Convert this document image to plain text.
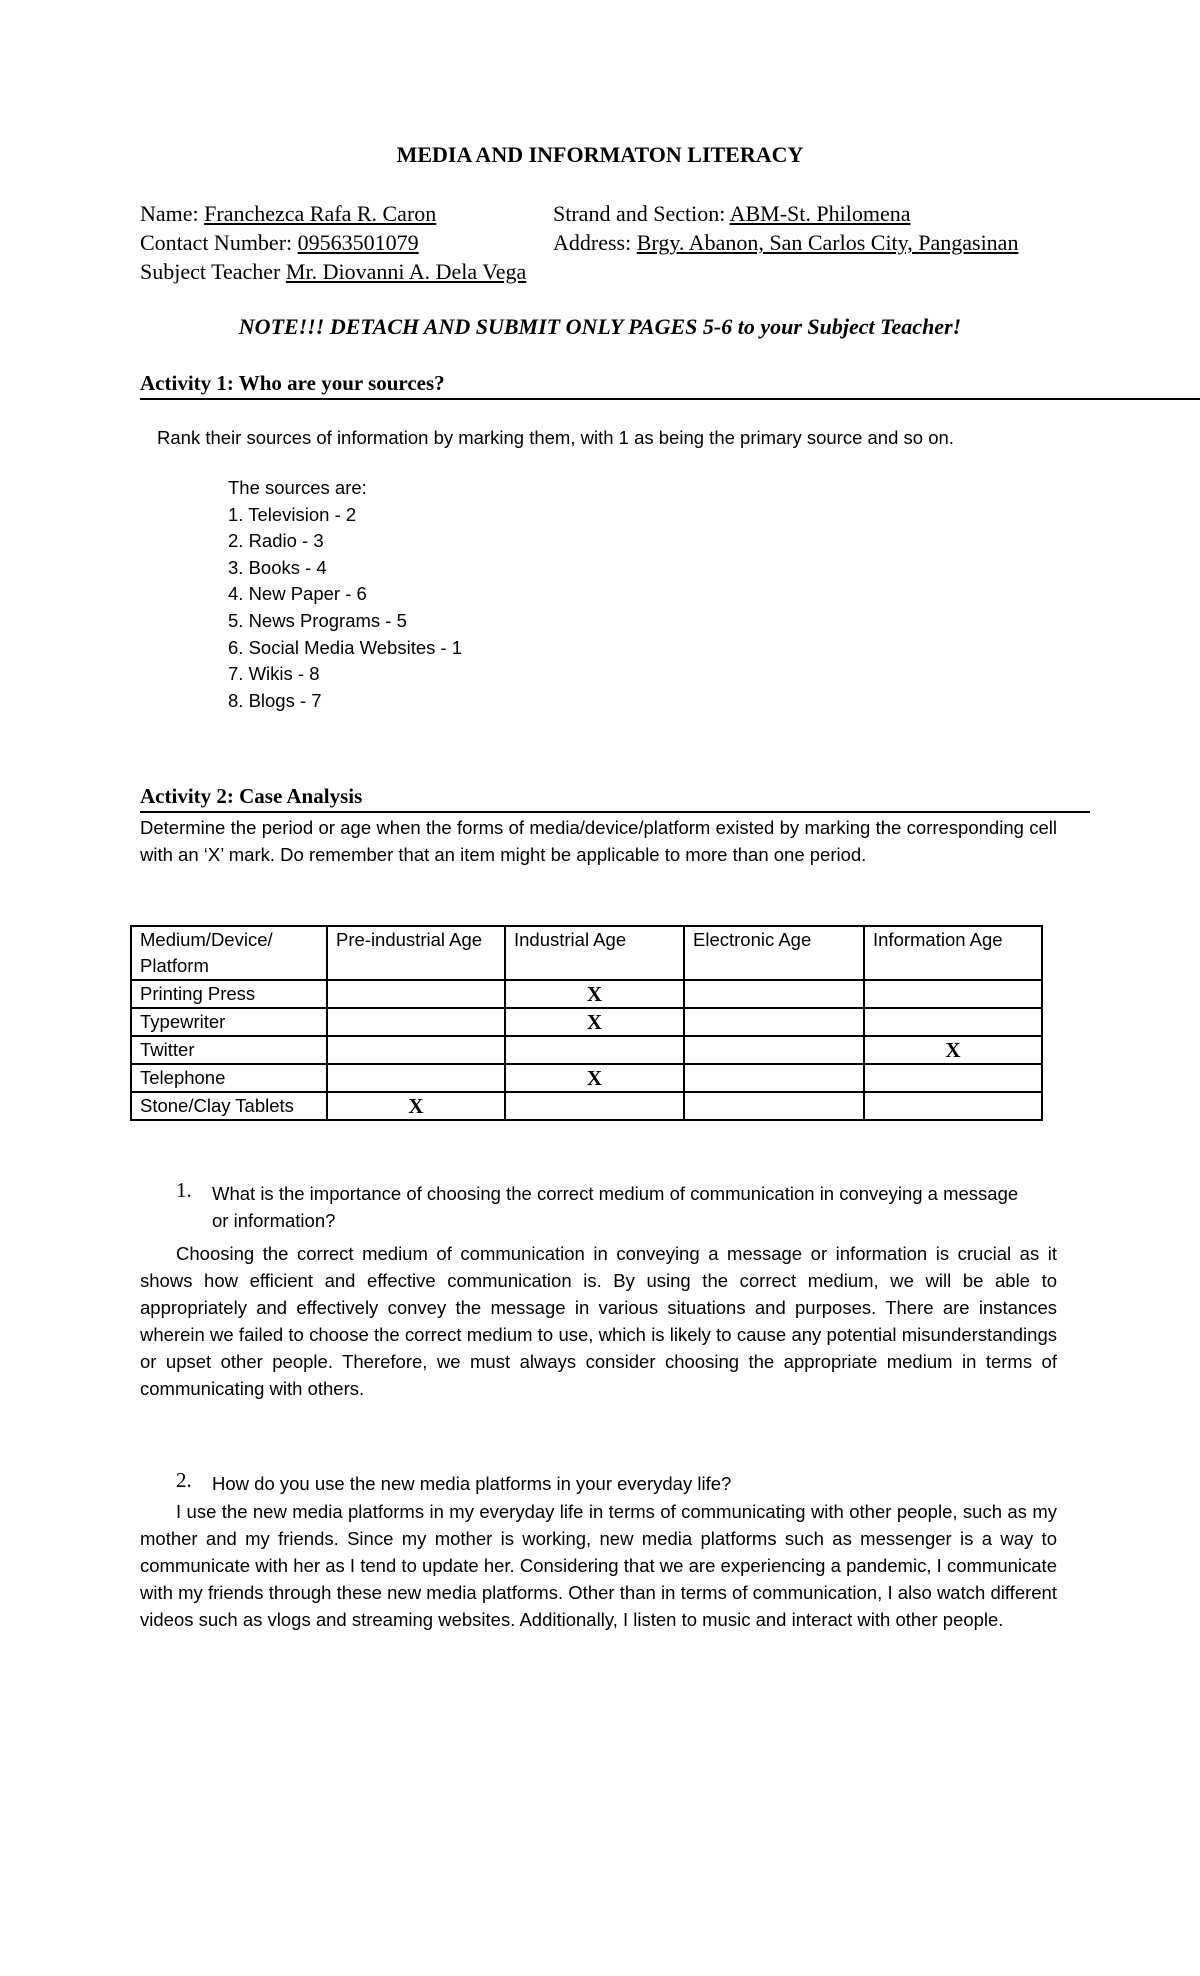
MEDIA AND INFORMATON LITERACY
Name: Franchezca Rafa R. Caron	Strand and Section: ABM-St. Philomena
Contact Number: 09563501079	Address: Brgy. Abanon, San Carlos City, Pangasinan
Subject Teacher Mr. Diovanni A. Dela Vega
NOTE!!! DETACH AND SUBMIT ONLY PAGES 5-6 to your Subject Teacher!
Activity 1: Who are your sources?
Rank their sources of information by marking them, with 1 as being the primary source and so on.
The sources are:
1. Television - 2
2. Radio - 3
3. Books - 4
4. New Paper - 6
5. News Programs - 5
6. Social Media Websites - 1
7. Wikis - 8
8. Blogs - 7
Activity 2: Case Analysis
Determine the period or age when the forms of media/device/platform existed by marking the corresponding cell with an ‘X’ mark. Do remember that an item might be applicable to more than one period.
Medium/Device/ Platform	Pre-industrial Age	Industrial Age	Electronic Age	Information Age
Printing Press		X		
Typewriter		X		
Twitter				X
Telephone		X		
Stone/Clay Tablets	X			
1. What is the importance of choosing the correct medium of communication in conveying a message or information?
Choosing the correct medium of communication in conveying a message or information is crucial as it shows how efficient and effective communication is. By using the correct medium, we will be able to appropriately and effectively convey the message in various situations and purposes. There are instances wherein we failed to choose the correct medium to use, which is likely to cause any potential misunderstandings or upset other people. Therefore, we must always consider choosing the appropriate medium in terms of communicating with others.
2. How do you use the new media platforms in your everyday life?
I use the new media platforms in my everyday life in terms of communicating with other people, such as my mother and my friends. Since my mother is working, new media platforms such as messenger is a way to communicate with her as I tend to update her. Considering that we are experiencing a pandemic, I communicate with my friends through these new media platforms. Other than in terms of communication, I also watch different videos such as vlogs and streaming websites. Additionally, I listen to music and interact with other people.
